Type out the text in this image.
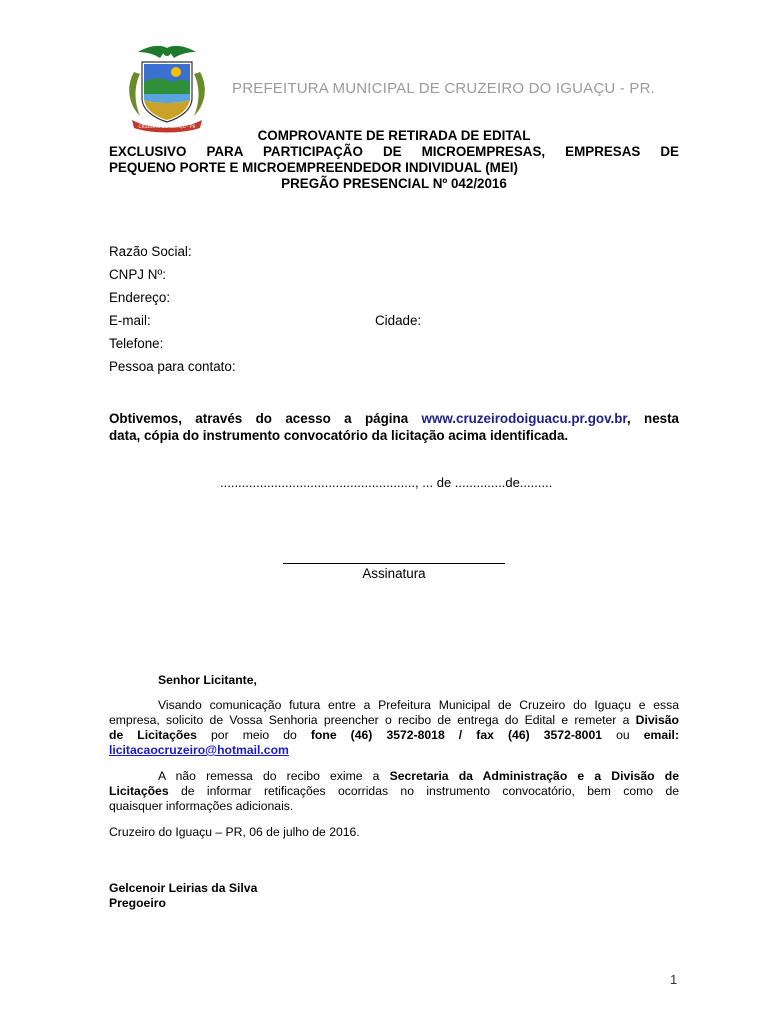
CRUZEIRO DO IGUAÇU - PR
PREFEITURA MUNICIPAL DE CRUZEIRO DO IGUAÇU - PR.
COMPROVANTE DE RETIRADA DE EDITAL
EXCLUSIVO PARA PARTICIPAÇÃO DE MICROEMPRESAS, EMPRESAS DE
PEQUENO PORTE E MICROEMPREENDEDOR INDIVIDUAL (MEI)
PREGÃO PRESENCIAL Nº 042/2016
Razão Social:
CNPJ Nº:
Endereço:
E-mail:	Cidade:
Telefone:
Pessoa para contato:
Obtivemos, através do acesso a página www.cruzeirodoiguacu.pr.gov.br, nesta
data, cópia do instrumento convocatório da licitação acima identificada.
......................................................, ... de ..............de.........
Assinatura
Senhor Licitante,
Visando comunicação futura entre a Prefeitura Municipal de Cruzeiro do Iguaçu e essa
empresa, solicito de Vossa Senhoria preencher o recibo de entrega do Edital e remeter a Divisão
de Licitações por meio do fone (46) 3572-8018 / fax (46) 3572-8001 ou email:
licitacaocruzeiro@hotmail.com
A não remessa do recibo exime a Secretaria da Administração e a Divisão de
Licitações de informar retificações ocorridas no instrumento convocatório, bem como de
quaisquer informações adicionais.
Cruzeiro do Iguaçu – PR, 06 de julho de 2016.
Gelcenoir Leirias da Silva
Pregoeiro
1
